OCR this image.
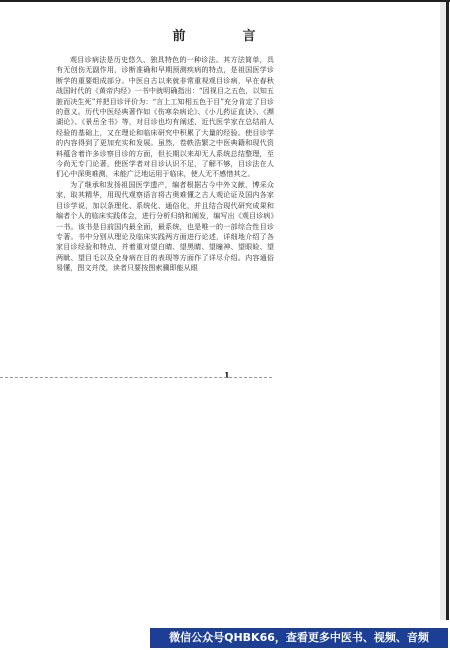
前　言

观目诊病法是历史悠久、独具特色的一种诊法。其方法简单，具有无创伤无副作用，诊断准确和早期预测疾病的特点，是祖国医学诊断学的重要组成部分。中医自古以来就非常重视观目诊病，早在春秋战国时代的《黄帝内经》一书中就明确指出：“因视目之五色，以知五脏而决生死”并把目诊评价为：“言上工知相五色于目”充分肯定了目诊的意义。历代中医经典著作如《伤寒杂病论》、《小儿药证直诀》、《濒湖论》、《景岳全书》等，对目诊也均有阐述，近代医学家在总结前人经验的基础上，又在理论和临床研究中积累了大量的经验。使目诊学的内容得到了更加充实和发展。虽然，卷帙浩繁之中医典籍和现代资料蕴含着许多诊察目诊的方面，但长期以来却无人系统总结整理，至今尚无专门论著，使医学者对目诊认识不足，了解不够，目诊法在人们心中深奥难测，未能广泛地运用于临床，使人无不感惜其之。

为了继承和发扬祖国医学遗产，编者根据古今中外文献，博采众家，取其精华，用现代观察语言将古奥难懂之古人观论证及国内各家目诊学说，加以条理化、系统化、通俗化，并且结合现代研究成果和编者个人的临床实践体会，进行分析归纳和阐发，编写出《观目诊病》一书。该书是目前国内最全面，最系统，也是唯一的一部综合性目诊专著。书中分别从理论及临床实践两方面进行论述，详细地介绍了各家目诊经验和特点，并着重对望白睛、望黑睛、望瞳神、望眼睑、望两眦、望目毛以及全身病在目的表现等方面作了详尽介绍。内容通俗易懂，图文并茂，读者只要按图索骥即能从眼

1
微信公众号QHBK66，查看更多中医书、视频、音频
